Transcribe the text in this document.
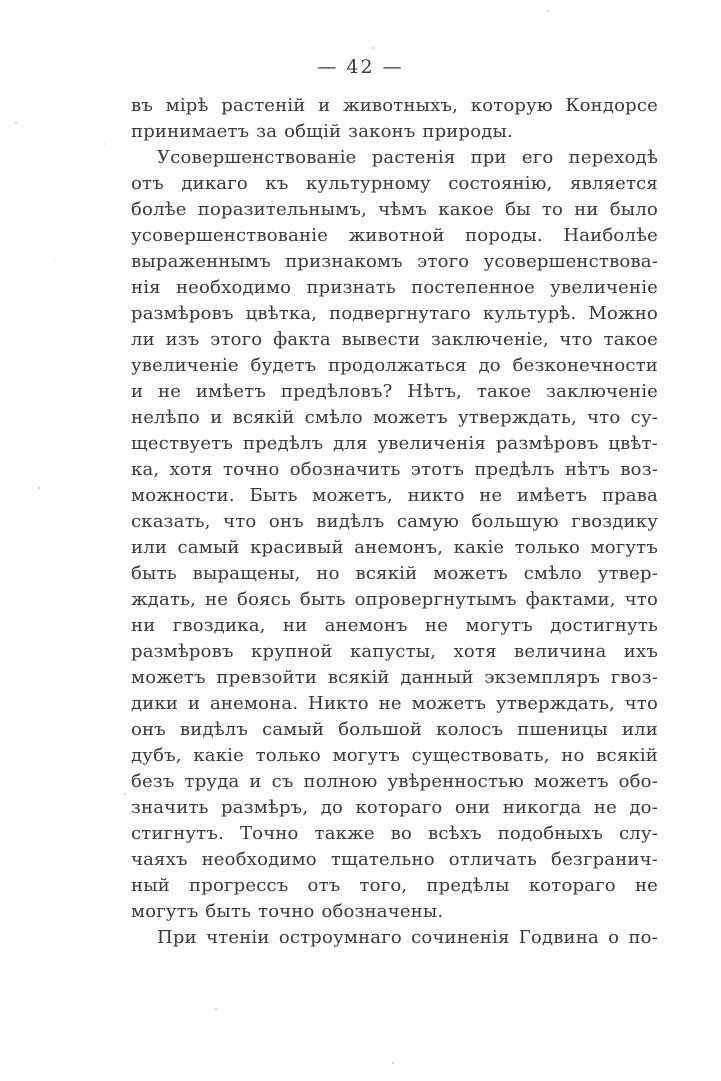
— 42 —
въ мірѣ растеній и животныхъ, которую Кондорсе
принимаетъ за общій законъ природы.
Усовершенствованіе растенія при его переходѣ
отъ дикаго къ культурному состоянію, является
болѣе поразительнымъ, чѣмъ какое бы то ни было
усовершенствованіе животной породы. Наиболѣе
выраженнымъ признакомъ этого усовершенствова-
нія необходимо признать постепенное увеличеніе
размѣровъ цвѣтка, подвергнутаго культурѣ. Можно
ли изъ этого факта вывести заключеніе, что такое
увеличеніе будетъ продолжаться до безконечности
и не имѣетъ предѣловъ? Нѣтъ, такое заключеніе
нелѣпо и всякій смѣло можетъ утверждать, что су-
ществуетъ предѣлъ для увеличенія размѣровъ цвѣт-
ка, хотя точно обозначить этотъ предѣлъ нѣтъ воз-
можности. Быть можетъ, никто не имѣетъ права
сказать, что онъ видѣлъ самую большую гвоздику
или самый красивый анемонъ, какіе только могутъ
быть выращены, но всякій можетъ смѣло утвер-
ждать, не боясь быть опровергнутымъ фактами, что
ни гвоздика, ни анемонъ не могутъ достигнуть
размѣровъ крупной капусты, хотя величина ихъ
можетъ превзойти всякій данный экземпляръ гвоз-
дики и анемона. Никто не можетъ утверждать, что
онъ видѣлъ самый большой колосъ пшеницы или
дубъ, какіе только могутъ существовать, но всякій
безъ труда и съ полною увѣренностью можетъ обо-
значить размѣръ, до котораго они никогда не до-
стигнутъ. Точно также во всѣхъ подобныхъ слу-
чаяхъ необходимо тщательно отличать безгранич-
ный прогрессъ отъ того, предѣлы котораго не
могутъ быть точно обозначены.
При чтеніи остроумнаго сочиненія Годвина о по-
